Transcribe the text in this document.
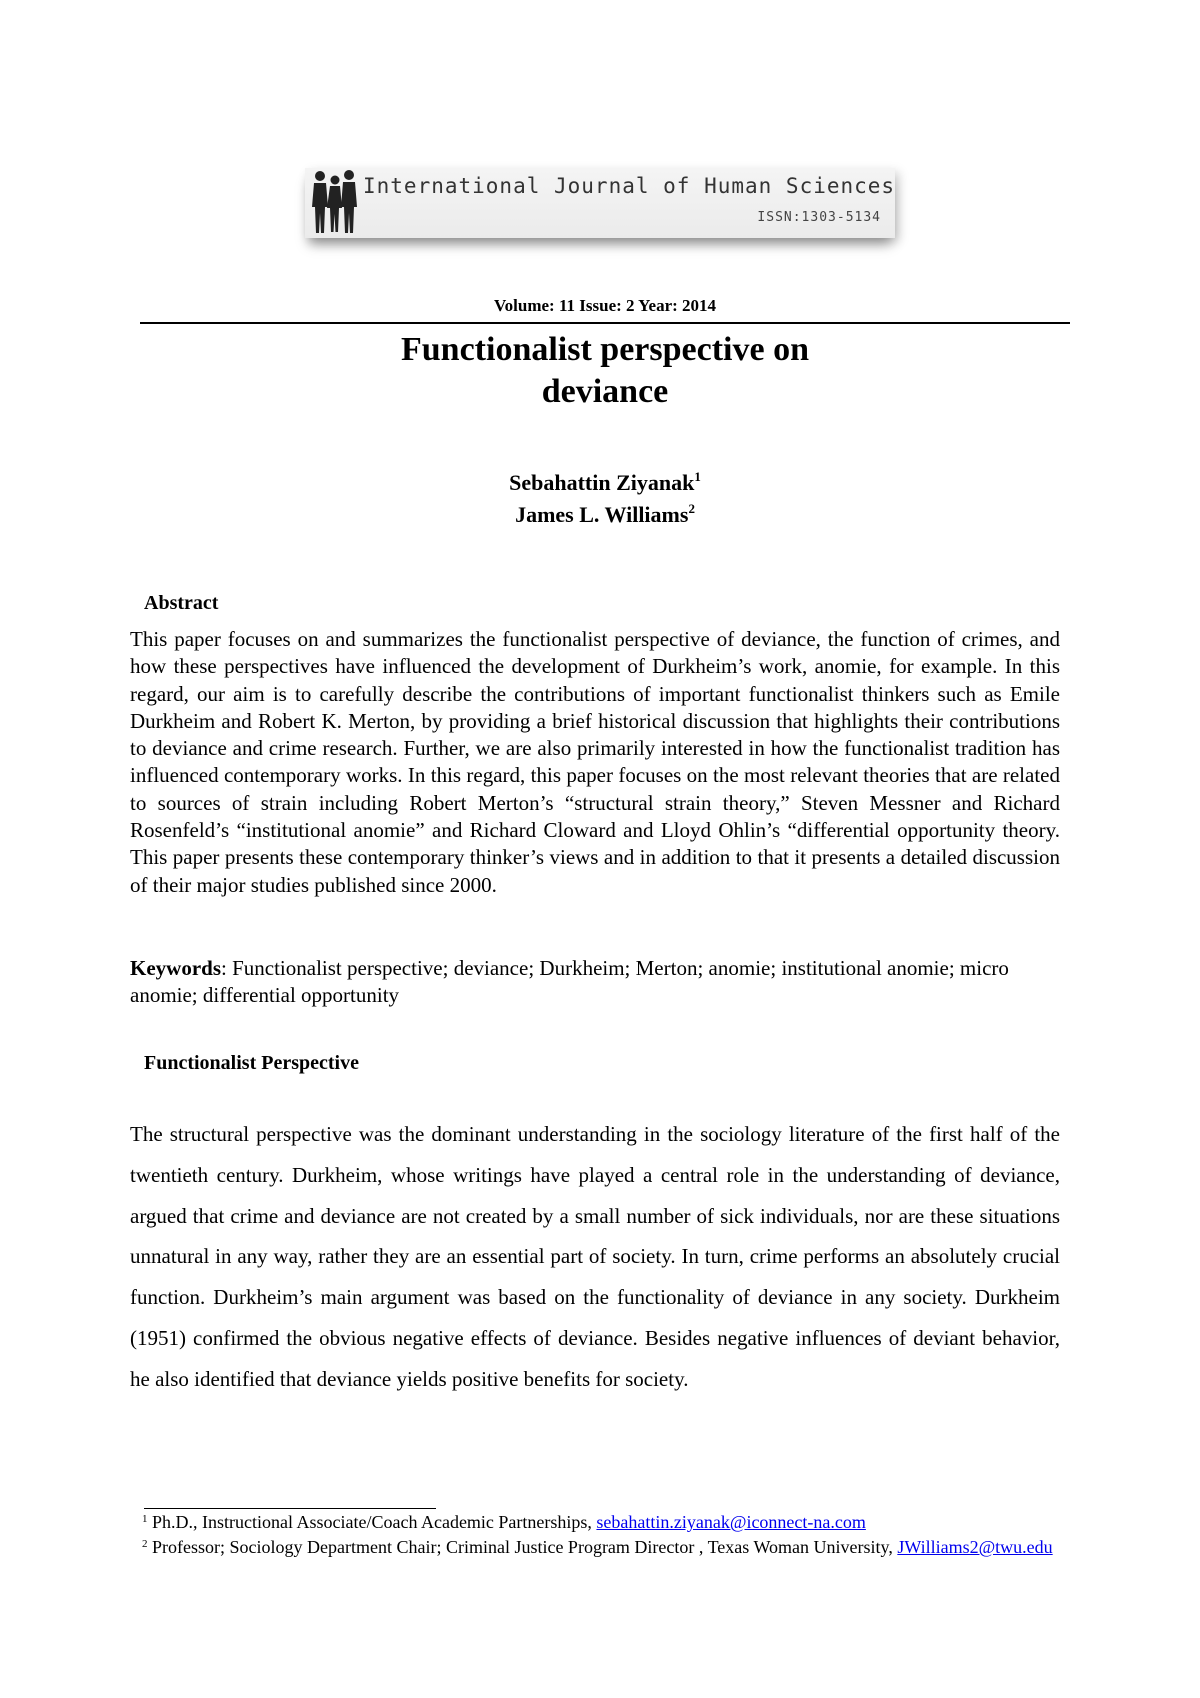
International Journal of Human Sciences
ISSN:1303-5134
Volume: 11 Issue: 2 Year: 2014
Functionalist perspective on
deviance
Sebahattin Ziyanak$^1$
James L. Williams$^2$
Abstract

This paper focuses on and summarizes the functionalist perspective of deviance, the function of crimes, and how these perspectives have influenced the development of Durkheim’s work, anomie, for example. In this regard, our aim is to carefully describe the contributions of important functionalist thinkers such as Emile Durkheim and Robert K. Merton, by providing a brief historical discussion that highlights their contributions to deviance and crime research. Further, we are also primarily interested in how the functionalist tradition has influenced contemporary works. In this regard, this paper focuses on the most relevant theories that are related to sources of strain including Robert Merton’s “structural strain theory,” Steven Messner and Richard Rosenfeld’s “institutional anomie” and Richard Cloward and Lloyd Ohlin’s “differential opportunity theory. This paper presents these contemporary thinker’s views and in addition to that it presents a detailed discussion of their major studies published since 2000.

Keywords: Functionalist perspective; deviance; Durkheim; Merton; anomie; institutional anomie; micro anomie; differential opportunity

Functionalist Perspective

The structural perspective was the dominant understanding in the sociology literature of the first half of the twentieth century. Durkheim, whose writings have played a central role in the understanding of deviance, argued that crime and deviance are not created by a small number of sick individuals, nor are these situations unnatural in any way, rather they are an essential part of society. In turn, crime performs an absolutely crucial function. Durkheim’s main argument was based on the functionality of deviance in any society. Durkheim (1951) confirmed the obvious negative effects of deviance. Besides negative influences of deviant behavior, he also identified that deviance yields positive benefits for society.

$^1$ Ph.D., Instructional Associate/Coach Academic Partnerships, sebahattin.ziyanak@iconnect-na.com
$^2$ Professor; Sociology Department Chair; Criminal Justice Program Director , Texas Woman University, JWilliams2@twu.edu
